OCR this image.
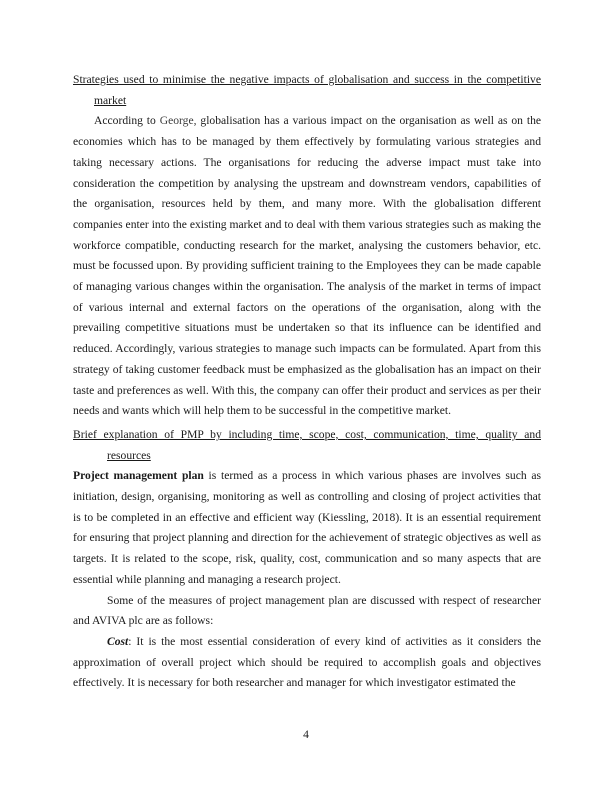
Strategies used to minimise the negative impacts of globalisation and success in the competitive market

According to George, globalisation has a various impact on the organisation as well as on the economies which has to be managed by them effectively by formulating various strategies and taking necessary actions. The organisations for reducing the adverse impact must take into consideration the competition by analysing the upstream and downstream vendors, capabilities of the organisation, resources held by them, and many more. With the globalisation different companies enter into the existing market and to deal with them various strategies such as making the workforce compatible, conducting research for the market, analysing the customers behavior, etc. must be focussed upon. By providing sufficient training to the Employees they can be made capable of managing various changes within the organisation. The analysis of the market in terms of impact of various internal and external factors on the operations of the organisation, along with the prevailing competitive situations must be undertaken so that its influence can be identified and reduced. Accordingly, various strategies to manage such impacts can be formulated. Apart from this strategy of taking customer feedback must be emphasized as the globalisation has an impact on their taste and preferences as well. With this, the company can offer their product and services as per their needs and wants which will help them to be successful in the competitive market.

Brief explanation of PMP by including time, scope, cost, communication, time, quality and resources

Project management plan is termed as a process in which various phases are involves such as initiation, design, organising, monitoring as well as controlling and closing of project activities that is to be completed in an effective and efficient way (Kiessling, 2018). It is an essential requirement for ensuring that project planning and direction for the achievement of strategic objectives as well as targets. It is related to the scope, risk, quality, cost, communication and so many aspects that are essential while planning and managing a research project.

Some of the measures of project management plan are discussed with respect of researcher and AVIVA plc are as follows:

Cost: It is the most essential consideration of every kind of activities as it considers the approximation of overall project which should be required to accomplish goals and objectives effectively. It is necessary for both researcher and manager for which investigator estimated the

4
